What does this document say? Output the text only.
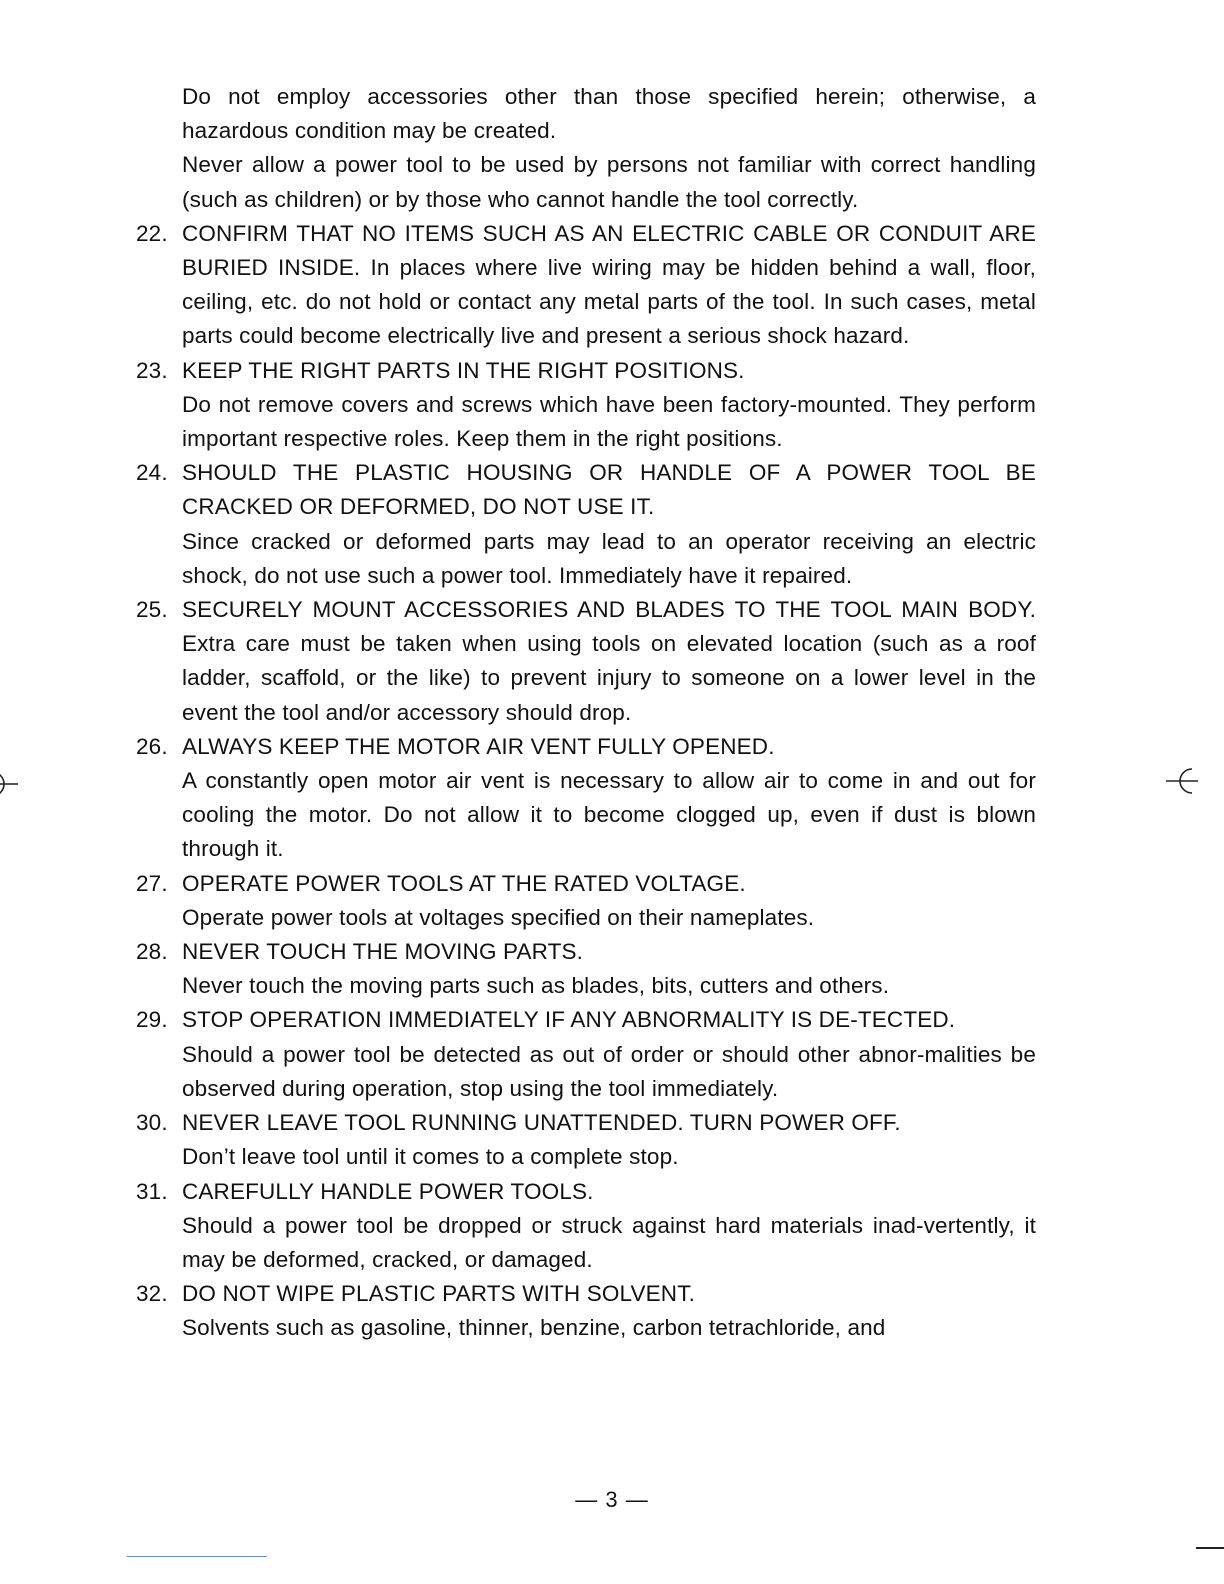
Do not employ accessories other than those specified herein; otherwise, a hazardous condition may be created.

Never allow a power tool to be used by persons not familiar with correct handling (such as children) or by those who cannot handle the tool correctly.

22. CONFIRM THAT NO ITEMS SUCH AS AN ELECTRIC CABLE OR CONDUIT ARE BURIED INSIDE. In places where live wiring may be hidden behind a wall, floor, ceiling, etc. do not hold or contact any metal parts of the tool. In such cases, metal parts could become electrically live and present a serious shock hazard.
23. KEEP THE RIGHT PARTS IN THE RIGHT POSITIONS.
Do not remove covers and screws which have been factory-mounted. They perform important respective roles. Keep them in the right positions.
24. SHOULD THE PLASTIC HOUSING OR HANDLE OF A POWER TOOL BE CRACKED OR DEFORMED, DO NOT USE IT.
Since cracked or deformed parts may lead to an operator receiving an electric shock, do not use such a power tool. Immediately have it repaired.
25. SECURELY MOUNT ACCESSORIES AND BLADES TO THE TOOL MAIN BODY. Extra care must be taken when using tools on elevated location (such as a roof ladder, scaffold, or the like) to prevent injury to someone on a lower level in the event the tool and/or accessory should drop.
26. ALWAYS KEEP THE MOTOR AIR VENT FULLY OPENED.
A constantly open motor air vent is necessary to allow air to come in and out for cooling the motor. Do not allow it to become clogged up, even if dust is blown through it.
27. OPERATE POWER TOOLS AT THE RATED VOLTAGE.
Operate power tools at voltages specified on their nameplates.
28. NEVER TOUCH THE MOVING PARTS.
Never touch the moving parts such as blades, bits, cutters and others.
29. STOP OPERATION IMMEDIATELY IF ANY ABNORMALITY IS DE-TECTED.
Should a power tool be detected as out of order or should other abnor-malities be observed during operation, stop using the tool immediately.
30. NEVER LEAVE TOOL RUNNING UNATTENDED. TURN POWER OFF.
Don’t leave tool until it comes to a complete stop.
31. CAREFULLY HANDLE POWER TOOLS.
Should a power tool be dropped or struck against hard materials inad-vertently, it may be deformed, cracked, or damaged.
32. DO NOT WIPE PLASTIC PARTS WITH SOLVENT.
Solvents such as gasoline, thinner, benzine, carbon tetrachloride, and
— 3 —
